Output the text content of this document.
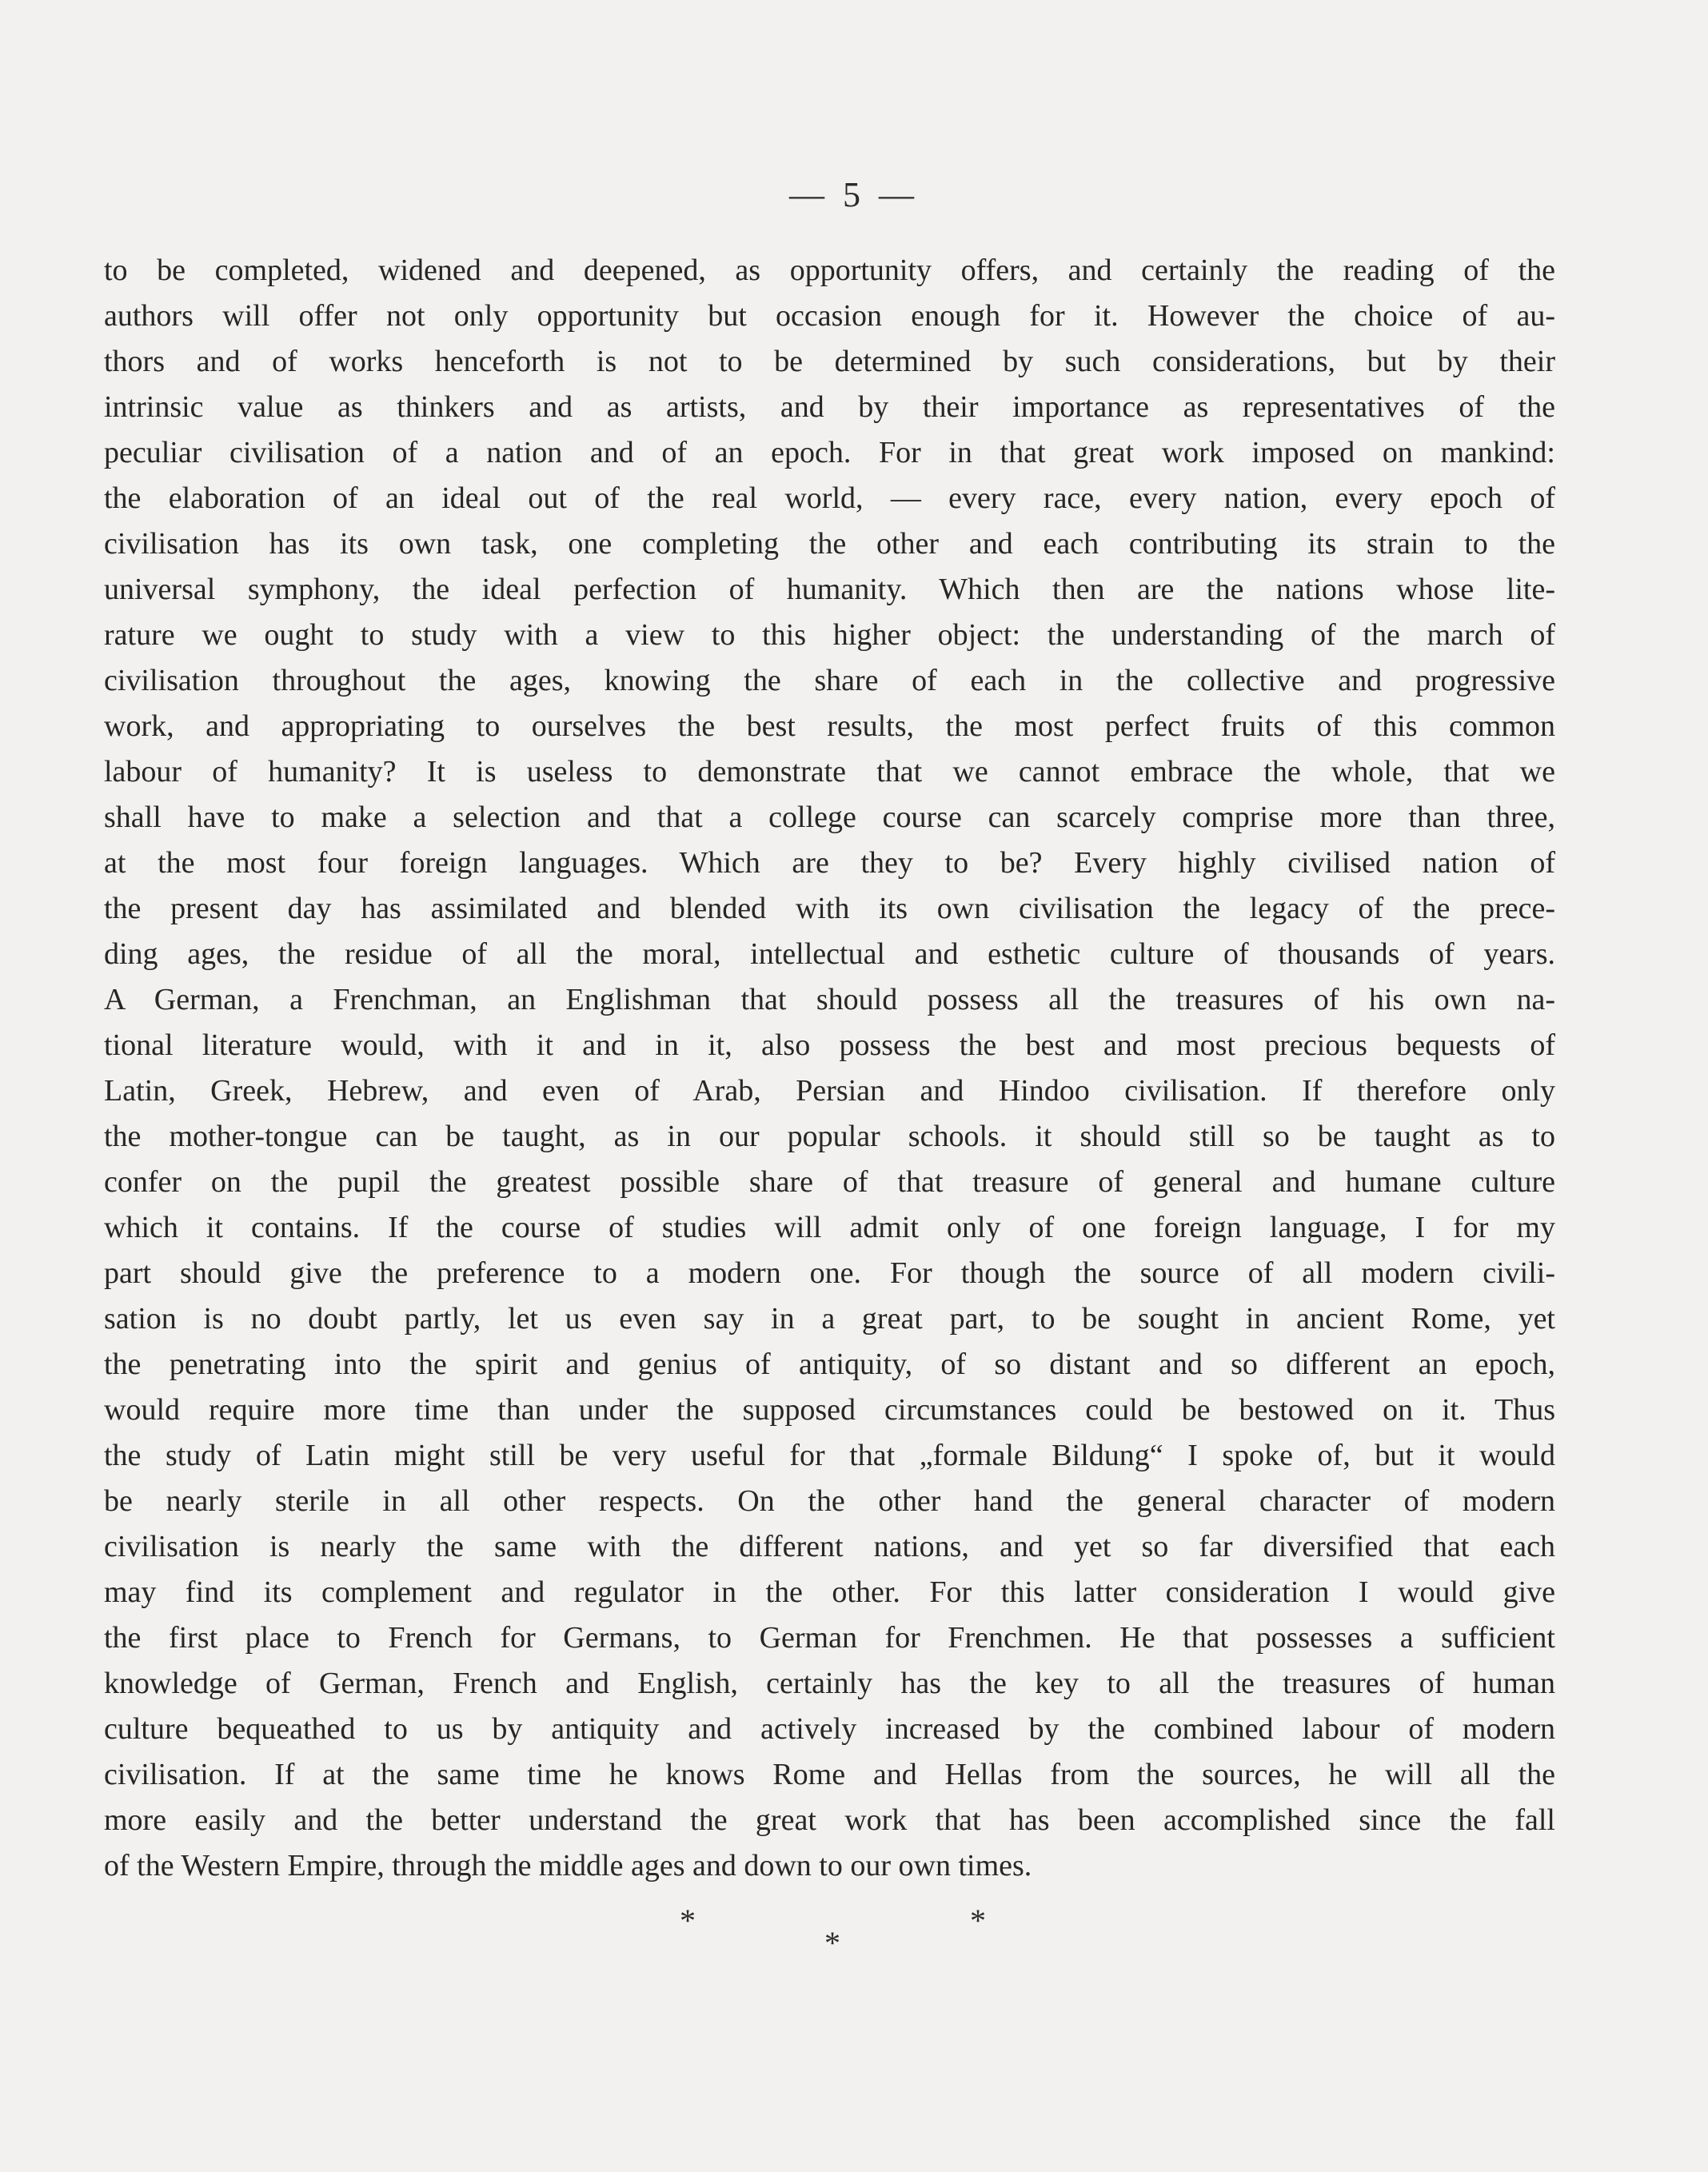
— 5 —
to be completed, widened and deepened, as opportunity offers, and certainly the reading of the
authors will offer not only opportunity but occasion enough for it. However the choice of au-
thors and of works henceforth is not to be determined by such considerations, but by their
intrinsic value as thinkers and as artists, and by their importance as representatives of the
peculiar civilisation of a nation and of an epoch. For in that great work imposed on mankind:
the elaboration of an ideal out of the real world, — every race, every nation, every epoch of
civilisation has its own task, one completing the other and each contributing its strain to the
universal symphony, the ideal perfection of humanity. Which then are the nations whose lite-
rature we ought to study with a view to this higher object: the understanding of the march of
civilisation throughout the ages, knowing the share of each in the collective and progressive
work, and appropriating to ourselves the best results, the most perfect fruits of this common
labour of humanity? It is useless to demonstrate that we cannot embrace the whole, that we
shall have to make a selection and that a college course can scarcely comprise more than three,
at the most four foreign languages. Which are they to be? Every highly civilised nation of
the present day has assimilated and blended with its own civilisation the legacy of the prece-
ding ages, the residue of all the moral, intellectual and esthetic culture of thousands of years.
A German, a Frenchman, an Englishman that should possess all the treasures of his own na-
tional literature would, with it and in it, also possess the best and most precious bequests of
Latin, Greek, Hebrew, and even of Arab, Persian and Hindoo civilisation. If therefore only
the mother-tongue can be taught, as in our popular schools. it should still so be taught as to
confer on the pupil the greatest possible share of that treasure of general and humane culture
which it contains. If the course of studies will admit only of one foreign language, I for my
part should give the preference to a modern one. For though the source of all modern civili-
sation is no doubt partly, let us even say in a great part, to be sought in ancient Rome, yet
the penetrating into the spirit and genius of antiquity, of so distant and so different an epoch,
would require more time than under the supposed circumstances could be bestowed on it. Thus
the study of Latin might still be very useful for that „formale Bildung“ I spoke of, but it would
be nearly sterile in all other respects. On the other hand the general character of modern
civilisation is nearly the same with the different nations, and yet so far diversified that each
may find its complement and regulator in the other. For this latter consideration I would give
the first place to French for Germans, to German for Frenchmen. He that possesses a sufficient
knowledge of German, French and English, certainly has the key to all the treasures of human
culture bequeathed to us by antiquity and actively increased by the combined labour of modern
civilisation. If at the same time he knows Rome and Hellas from the sources, he will all the
more easily and the better understand the great work that has been accomplished since the fall
of the Western Empire, through the middle ages and down to our own times.
*	*
*
